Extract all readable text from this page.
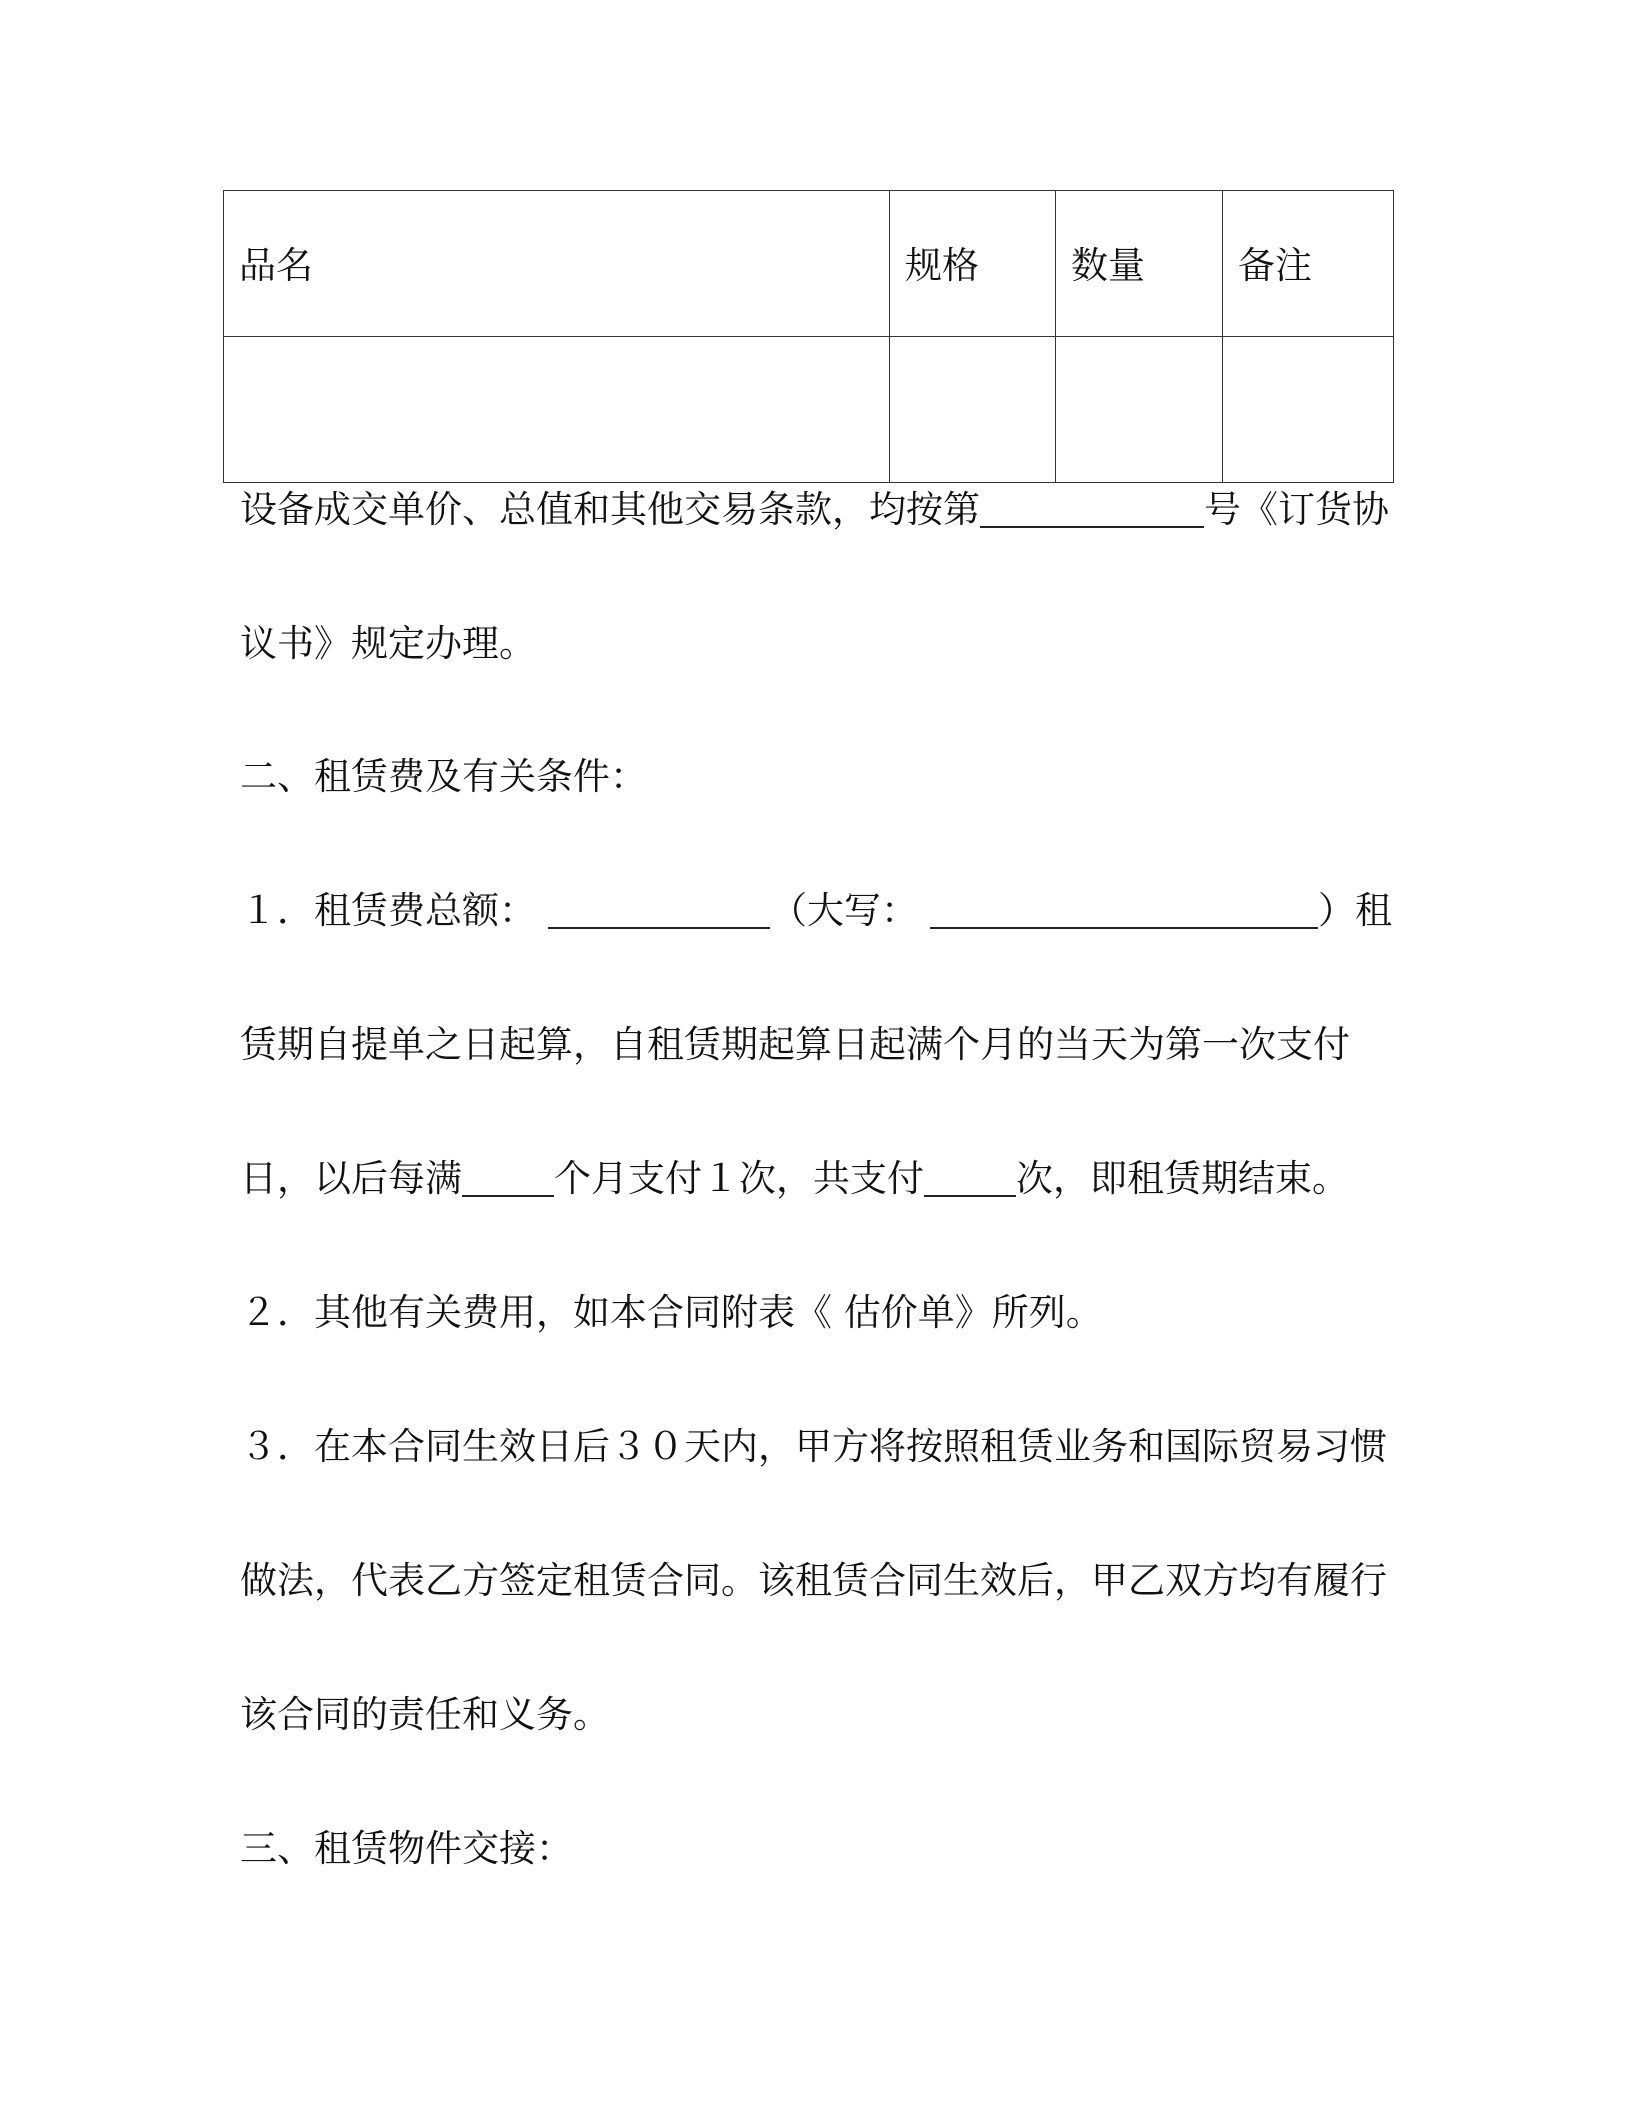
品名	规格	数量	备注

设备成交单价、总值和其他交易条款，均按第	号《订货协
议书》规定办理。
二、租赁费及有关条件：
１．租赁费总额：	（大写：	）租
赁期自提单之日起算，自租赁期起算日起满个月的当天为第一次支付
日，以后每满 个月支付１次，共支付 次，即租赁期结束。
２．其他有关费用，如本合同附表《 估价单》所列。
３．在本合同生效日后３０天内，甲方将按照租赁业务和国际贸易习惯
做法，代表乙方签定租赁合同。该租赁合同生效后，甲乙双方均有履行
该合同的责任和义务。
三、租赁物件交接：
